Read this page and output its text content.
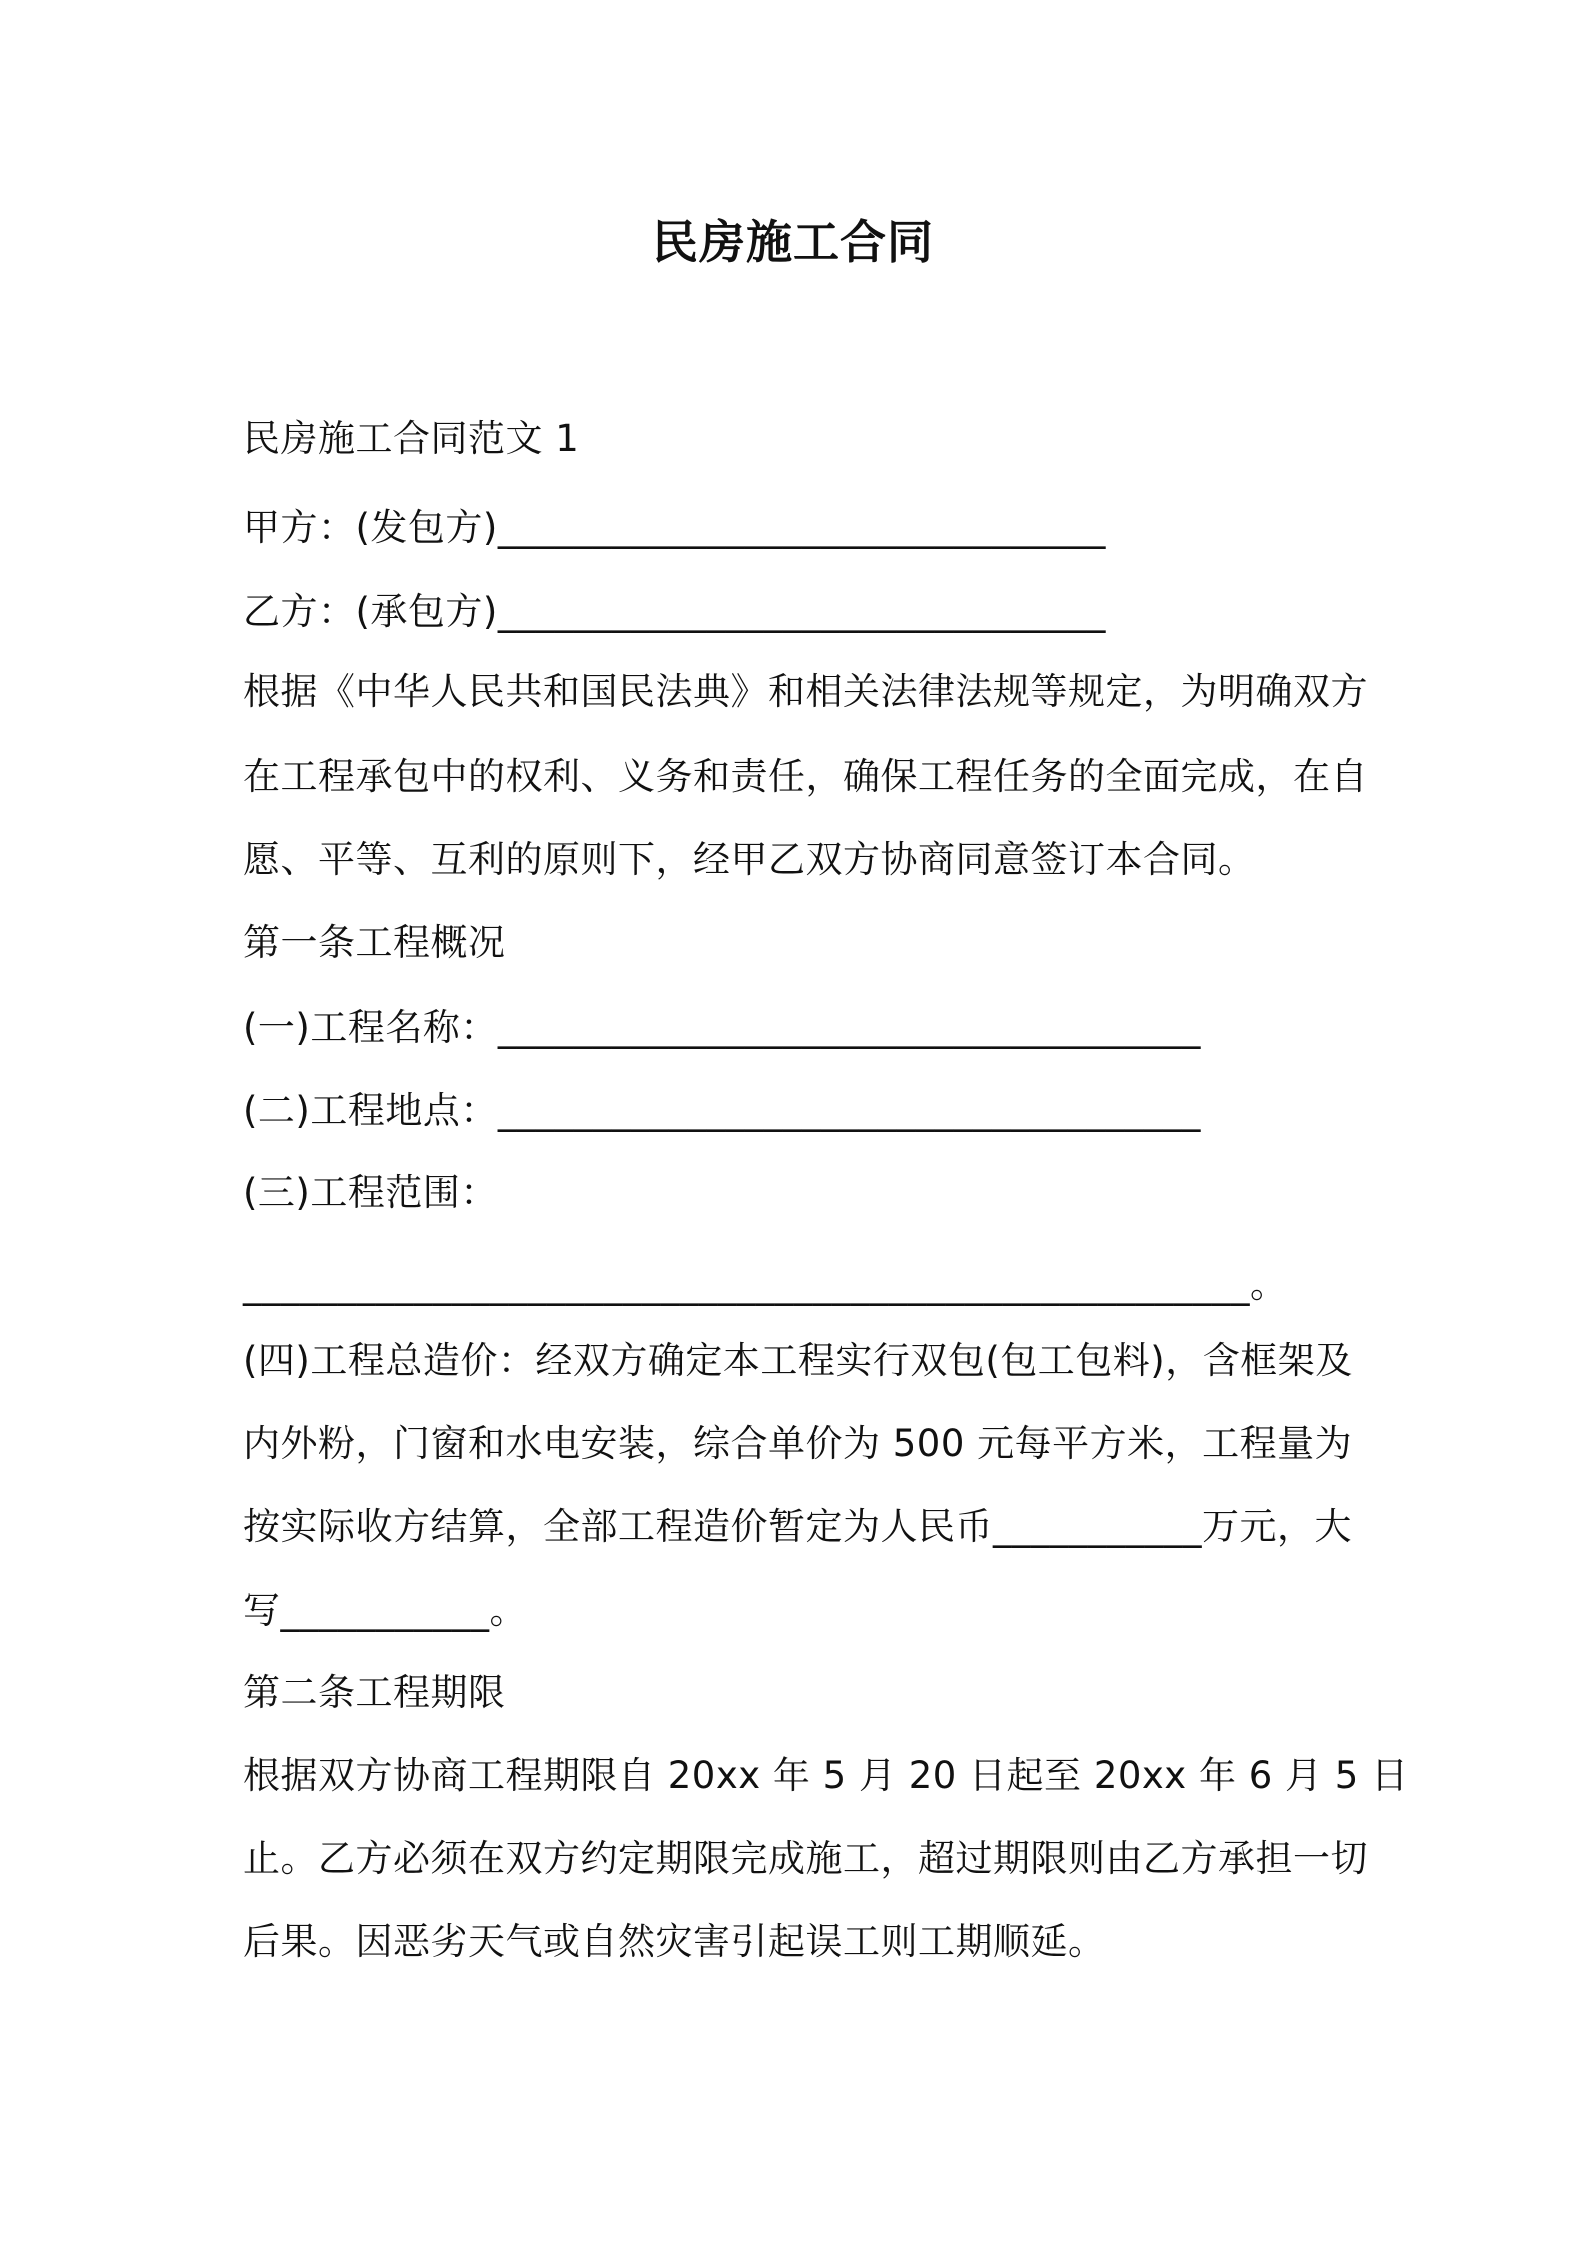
民房施工合同
民房施工合同范文 1
甲方：(发包方)________________________________
乙方：(承包方)________________________________
根据《中华人民共和国民法典》和相关法律法规等规定，为明确双方
在工程承包中的权利、义务和责任，确保工程任务的全面完成，在自
愿、平等、互利的原则下，经甲乙双方协商同意签订本合同。
第一条工程概况
(一)工程名称：_____________________________________
(二)工程地点：_____________________________________
(三)工程范围：
_____________________________________________________。
(四)工程总造价：经双方确定本工程实行双包(包工包料)，含框架及
内外粉，门窗和水电安装，综合单价为 500 元每平方米，工程量为
按实际收方结算，全部工程造价暂定为人民币___________万元，大
写___________。
第二条工程期限
根据双方协商工程期限自 20xx 年 5 月 20 日起至 20xx 年 6 月 5 日
止。乙方必须在双方约定期限完成施工，超过期限则由乙方承担一切
后果。因恶劣天气或自然灾害引起误工则工期顺延。
